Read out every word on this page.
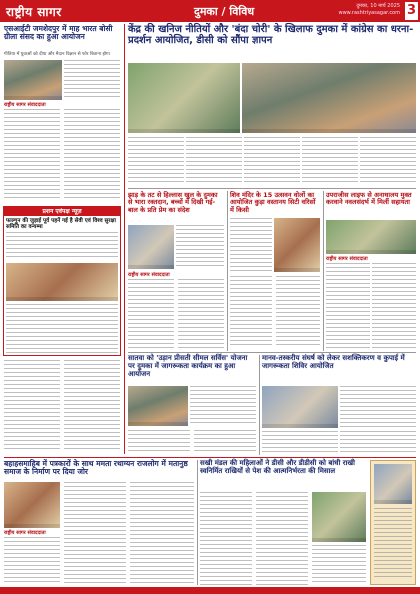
राष्ट्रीय सागर	दुमका / विविध	दुमका, 10 मार्च 2025
www.rashtriyasagar.com 3
एसआईटी जमशेदपुर में माह भारत बोसी ग्रीला संसद का हुआ आयोजन
गीतिया में युवाओं को दीया और मैदान विज्ञान से फोर बिताना होगा
राष्ट्रीय सागर संवाददाता
प्रशन एवंपक्ष न्यूज़
फाल्गुन की जुड़ाई पूर्व पहनें गई है सेवी एवं विश्व सुरक्षा समिति का वन्यम्मा
केंद्र की खनिज नीतियों और 'बंदा चोरी' के खिलाफ दुमका में कांग्रेस का धरना-प्रदर्शन आयोजित, डीसी को सौंपा ज्ञापन
झाड़ के तट से हिल्लास खुल के दुमका से भारा रक्तदान, बच्चों में दिखी गई-बाल के प्रति प्रेम का संदेश
राष्ट्रीय सागर संवाददाता
शिव मंदिर के 15 उत्सवन वोलों का आयोजित कुड़ा वस्तानय सिटी वरिसों में किसी
उपराजीस लाइफ से अनाथालय मुक्त करवाने नवलसंदर्भ में मिलीं सहायता
राष्ट्रीय सागर संवाददाता
सातवा को 'उड़ान प्रीसती सीमल सर्विस' योजना पर दुमका में जागरूकता कार्यक्रम का हुआ आयोजन
मानव-तस्करीय संघर्ष को लेकर सशक्तिकरण व कुपाई में जागरूकता शिविर आयोजित
बहाहसमाहिब में पत्रकारों के साथ ममता रथाग्यन राजलोग में मतानुष्ठ समाज के निर्माण पर दिया जोर
राष्ट्रीय सागर संवाददाता
सखी मंडल की महिलाओं ने डीसी और डीडीसी को बांधी राखी स्वनिर्मित राखियों से पेश की आत्मनिर्भरता की मिसाल
